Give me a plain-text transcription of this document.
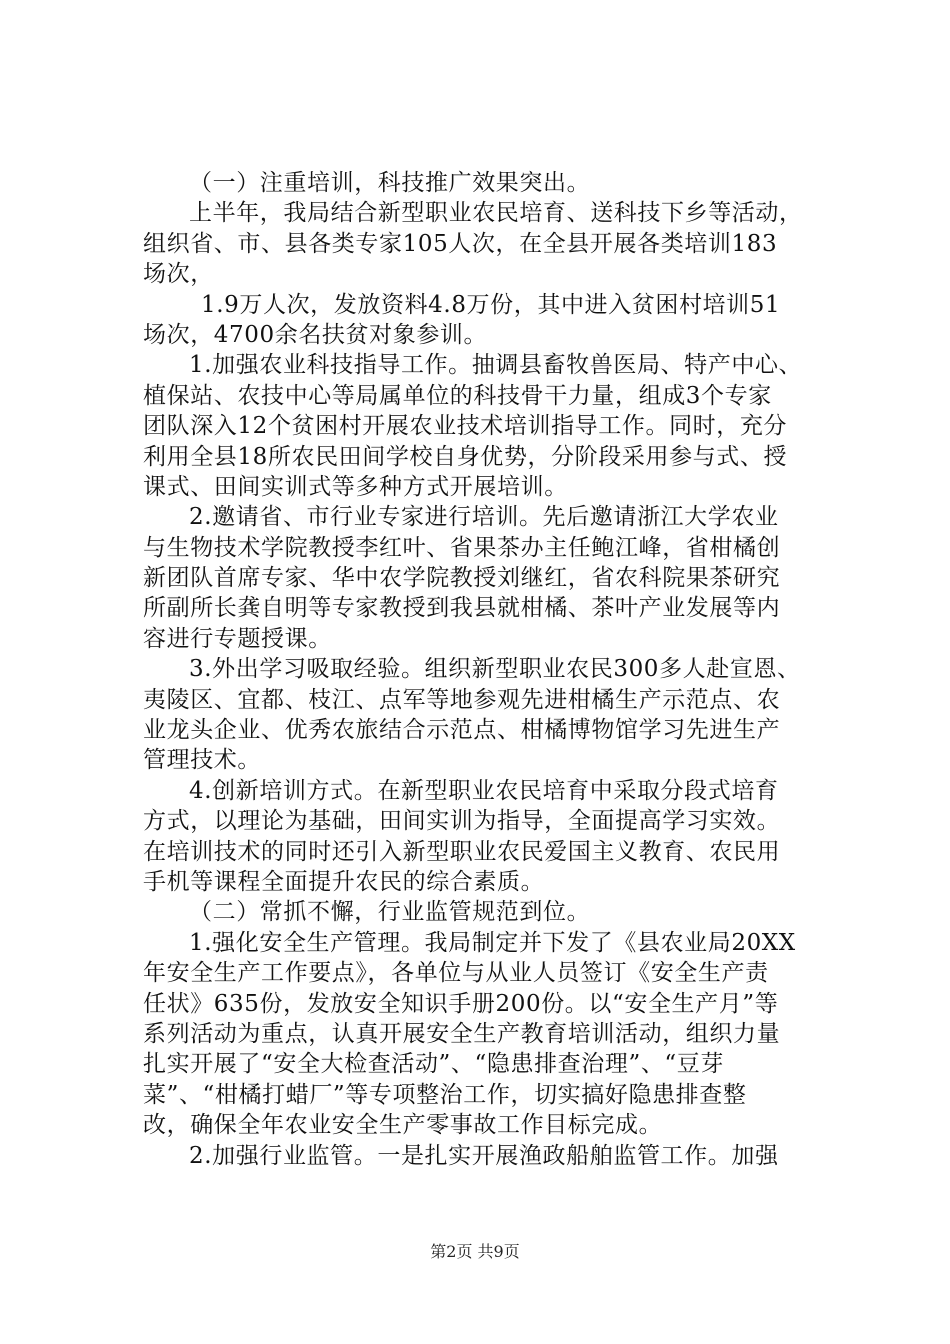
（一）注重培训，科技推广效果突出。
上半年，我局结合新型职业农民培育、送科技下乡等活动，
组织省、市、县各类专家105人次，在全县开展各类培训183
场次，
1.9万人次，发放资料4.8万份，其中进入贫困村培训51
场次，4700余名扶贫对象参训。
1.加强农业科技指导工作。抽调县畜牧兽医局、特产中心、
植保站、农技中心等局属单位的科技骨干力量，组成3个专家
团队深入12个贫困村开展农业技术培训指导工作。同时，充分
利用全县18所农民田间学校自身优势，分阶段采用参与式、授
课式、田间实训式等多种方式开展培训。
2.邀请省、市行业专家进行培训。先后邀请浙江大学农业
与生物技术学院教授李红叶、省果茶办主任鲍江峰，省柑橘创
新团队首席专家、华中农学院教授刘继红，省农科院果茶研究
所副所长龚自明等专家教授到我县就柑橘、茶叶产业发展等内
容进行专题授课。
3.外出学习吸取经验。组织新型职业农民300多人赴宣恩、
夷陵区、宜都、枝江、点军等地参观先进柑橘生产示范点、农
业龙头企业、优秀农旅结合示范点、柑橘博物馆学习先进生产
管理技术。
4.创新培训方式。在新型职业农民培育中采取分段式培育
方式，以理论为基础，田间实训为指导，全面提高学习实效。
在培训技术的同时还引入新型职业农民爱国主义教育、农民用
手机等课程全面提升农民的综合素质。
（二）常抓不懈，行业监管规范到位。
1.强化安全生产管理。我局制定并下发了《县农业局20XX
年安全生产工作要点》，各单位与从业人员签订《安全生产责
任状》635份，发放安全知识手册200份。以“安全生产月”等
系列活动为重点，认真开展安全生产教育培训活动，组织力量
扎实开展了“安全大检查活动”、“隐患排查治理”、“豆芽
菜”、“柑橘打蜡厂”等专项整治工作，切实搞好隐患排查整
改，确保全年农业安全生产零事故工作目标完成。
2.加强行业监管。一是扎实开展渔政船舶监管工作。加强
第2页 共9页
